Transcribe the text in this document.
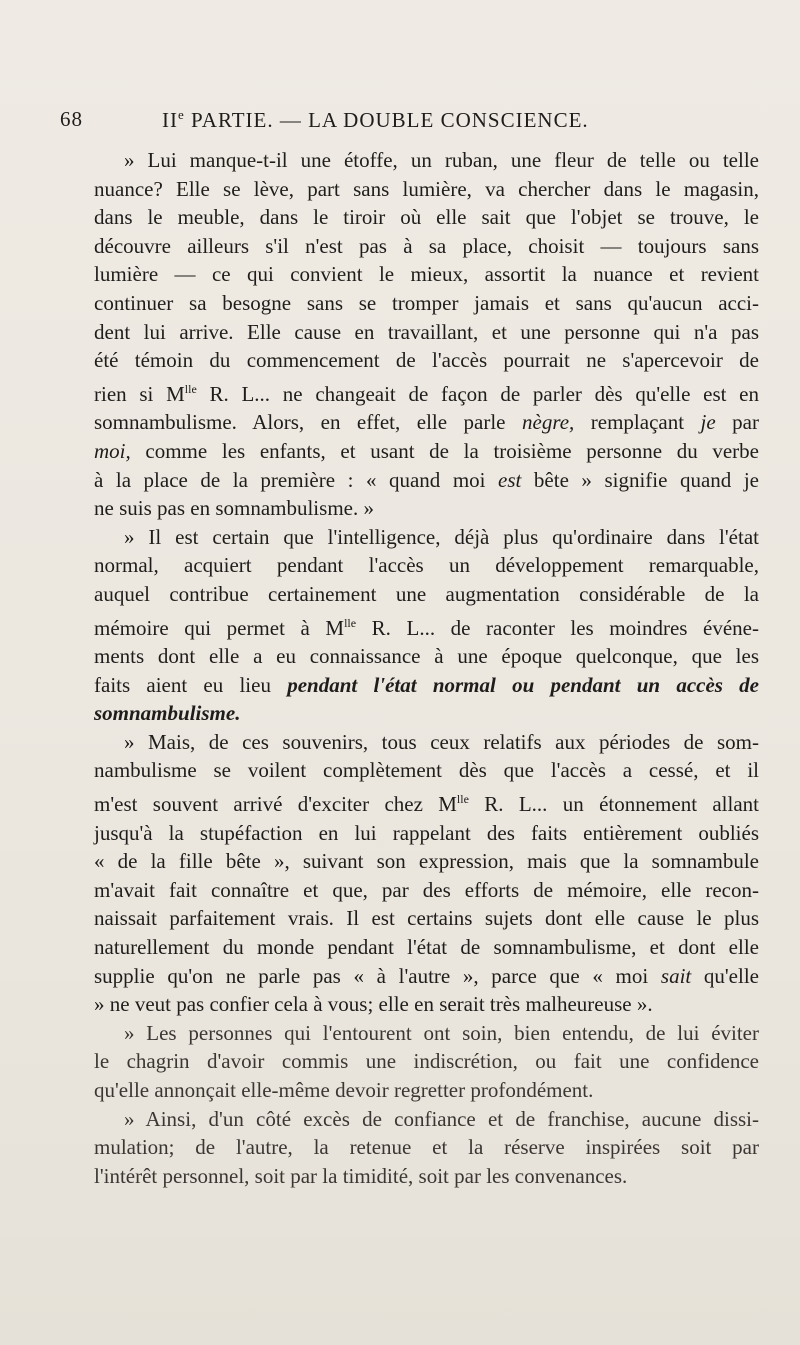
68	IIe PARTIE. — LA DOUBLE CONSCIENCE.
» Lui manque-t-il une étoffe, un ruban, une fleur de telle ou telle
nuance? Elle se lève, part sans lumière, va chercher dans le magasin,
dans le meuble, dans le tiroir où elle sait que l'objet se trouve, le
découvre ailleurs s'il n'est pas à sa place, choisit — toujours sans
lumière — ce qui convient le mieux, assortit la nuance et revient
continuer sa besogne sans se tromper jamais et sans qu'aucun acci-
dent lui arrive. Elle cause en travaillant, et une personne qui n'a pas
été témoin du commencement de l'accès pourrait ne s'apercevoir de
rien si $M^{lle}$ R. L... ne changeait de façon de parler dès qu'elle est en
somnambulisme. Alors, en effet, elle parle nègre, remplaçant je par
moi, comme les enfants, et usant de la troisième personne du verbe
à la place de la première : « quand moi est bête » signifie quand je
ne suis pas en somnambulisme. »
» Il est certain que l'intelligence, déjà plus qu'ordinaire dans l'état
normal, acquiert pendant l'accès un développement remarquable,
auquel contribue certainement une augmentation considérable de la
mémoire qui permet à $M^{lle}$ R. L... de raconter les moindres événe-
ments dont elle a eu connaissance à une époque quelconque, que les
faits aient eu lieu pendant l'état normal ou pendant un accès de
somnambulisme.
» Mais, de ces souvenirs, tous ceux relatifs aux périodes de som-
nambulisme se voilent complètement dès que l'accès a cessé, et il
m'est souvent arrivé d'exciter chez $M^{lle}$ R. L... un étonnement allant
jusqu'à la stupéfaction en lui rappelant des faits entièrement oubliés
« de la fille bête », suivant son expression, mais que la somnambule
m'avait fait connaître et que, par des efforts de mémoire, elle recon-
naissait parfaitement vrais. Il est certains sujets dont elle cause le plus
naturellement du monde pendant l'état de somnambulisme, et dont elle
supplie qu'on ne parle pas « à l'autre », parce que « moi sait qu'elle
» ne veut pas confier cela à vous; elle en serait très malheureuse ».
» Les personnes qui l'entourent ont soin, bien entendu, de lui éviter
le chagrin d'avoir commis une indiscrétion, ou fait une confidence
qu'elle annonçait elle-même devoir regretter profondément.
» Ainsi, d'un côté excès de confiance et de franchise, aucune dissi-
mulation; de l'autre, la retenue et la réserve inspirées soit par
l'intérêt personnel, soit par la timidité, soit par les convenances.
